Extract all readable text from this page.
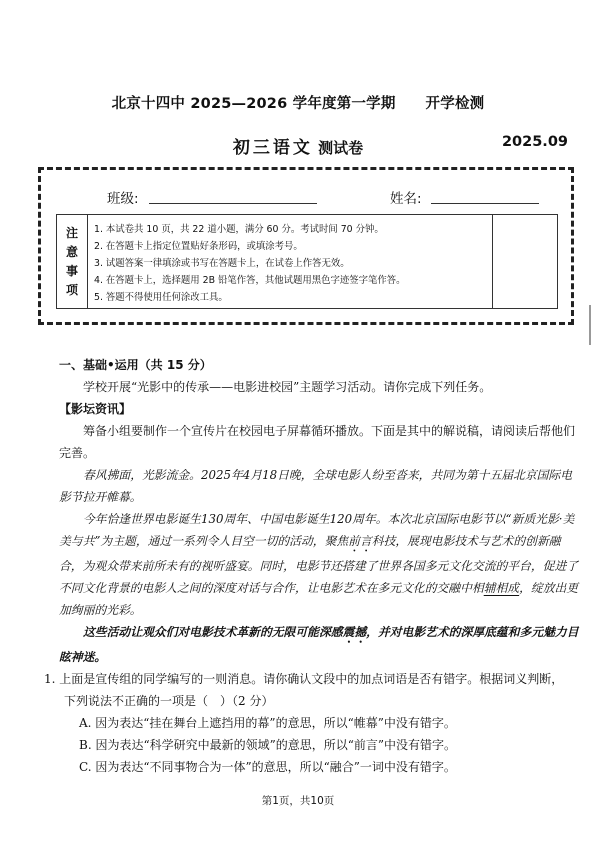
北京十四中 2025—2026 学年度第一学期 开学检测
初三语文 测试卷	2025.09
班级:	姓名:
注
意
事
项
1. 本试卷共 10 页，共 22 道小题，满分 60 分。考试时间 70 分钟。
2. 在答题卡上指定位置贴好条形码，或填涂考号。
3. 试题答案一律填涂或书写在答题卡上，在试卷上作答无效。
4. 在答题卡上，选择题用 2B 铅笔作答，其他试题用黑色字迹签字笔作答。
5. 答题不得使用任何涂改工具。
一、基础•运用（共 15 分）

学校开展“光影中的传承——电影进校园”主题学习活动。请你完成下列任务。

【影坛资讯】

筹备小组要制作一个宣传片在校园电子屏幕循环播放。下面是其中的解说稿，请阅读后帮他们完善。

春风拂面，光影流金。2025年4月18日晚，全球电影人纷至沓来，共同为第十五届北京国际电影节拉开帷幕。

今年恰逢世界电影诞生130周年、中国电影诞生120周年。本次北京国际电影节以“新质光影·美美与共”为主题，通过一系列令人目空一切的活动，聚焦前言科技，展现电影技术与艺术的创新融合，为观众带来前所未有的视听盛宴。同时，电影节还搭建了世界各国多元文化交流的平台，促进了不同文化背景的电影人之间的深度对话与合作，让电影艺术在多元文化的交融中相辅相成，绽放出更加绚丽的光彩。

这些活动让观众们对电影技术革新的无限可能深感震撼，并对电影艺术的深厚底蕴和多元魅力目眩神迷。

1. 上面是宣传组的同学编写的一则消息。请你确认文段中的加点词语是否有错字。根据词义判断，
下列说法不正确的一项是（　）（2 分）
A. 因为表达“挂在舞台上遮挡用的幕”的意思，所以“帷幕”中没有错字。
B. 因为表达“科学研究中最新的领域”的意思，所以“前言”中没有错字。
C. 因为表达“不同事物合为一体”的意思，所以“融合”一词中没有错字。
第1页，共10页
